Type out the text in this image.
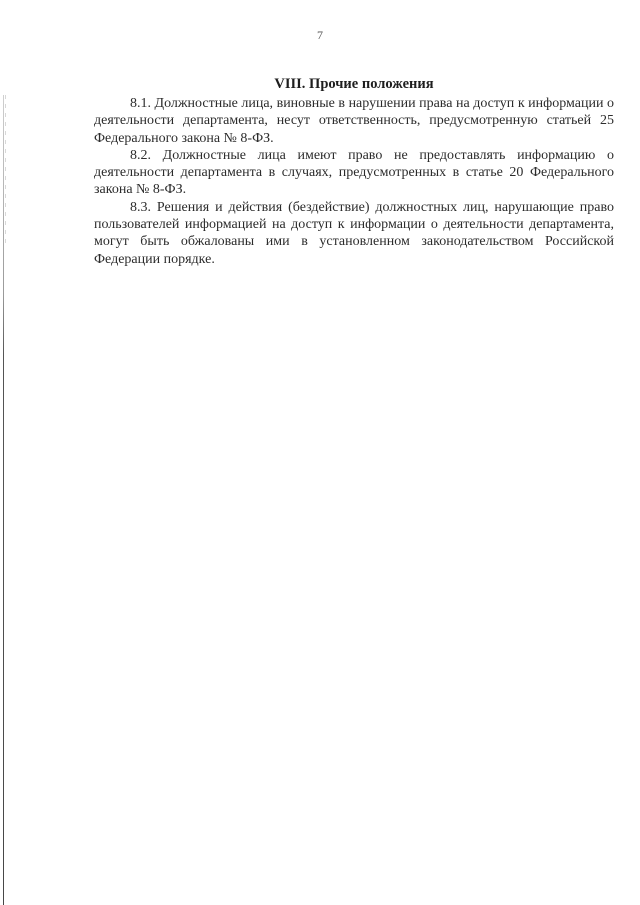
7
VIII. Прочие положения

8.1. Должностные лица, виновные в нарушении права на доступ к информации о деятельности департамента, несут ответственность, предусмотренную статьей 25 Федерального закона № 8-ФЗ.

8.2. Должностные лица имеют право не предоставлять информацию о деятельности департамента в случаях, предусмотренных в статье 20 Федерального закона № 8-ФЗ.

8.3. Решения и действия (бездействие) должностных лиц, нарушающие право пользователей информацией на доступ к информации о деятельности департамента, могут быть обжалованы ими в установленном законодательством Российской Федерации порядке.
